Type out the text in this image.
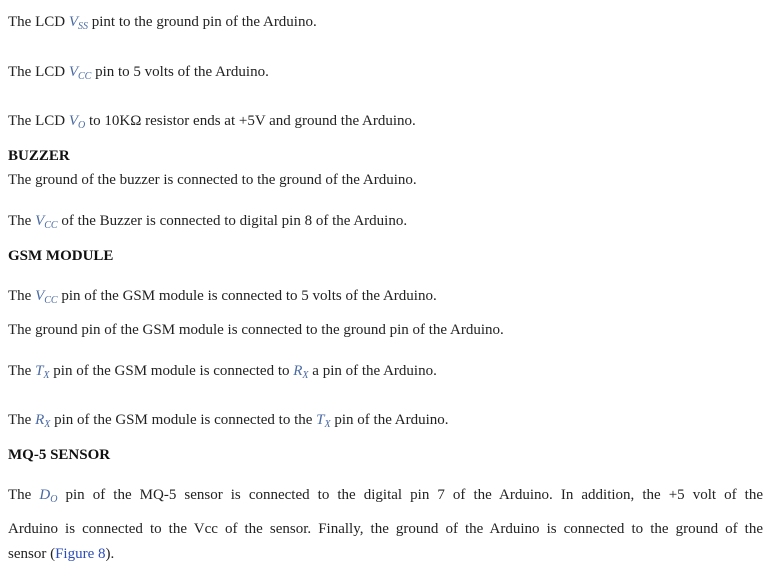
The LCD $V_{SS}$ pint to the ground pin of the Arduino.
The LCD $V_{CC}$ pin to 5 volts of the Arduino.
The LCD $V_O$ to 10KΩ resistor ends at +5V and ground the Arduino.
BUZZER
The ground of the buzzer is connected to the ground of the Arduino.
The $V_{CC}$ of the Buzzer is connected to digital pin 8 of the Arduino.
GSM MODULE
The $V_{CC}$ pin of the GSM module is connected to 5 volts of the Arduino.
The ground pin of the GSM module is connected to the ground pin of the Arduino.
The $T_X$ pin of the GSM module is connected to $R_X$ a pin of the Arduino.
The $R_X$ pin of the GSM module is connected to the $T_X$ pin of the Arduino.
MQ-5 SENSOR
The $D_O$ pin of the MQ-5 sensor is connected to the digital pin 7 of the Arduino. In addition, the +5 volt of the
Arduino is connected to the Vcc of the sensor. Finally, the ground of the Arduino is connected to the ground of the
sensor (Figure 8).
